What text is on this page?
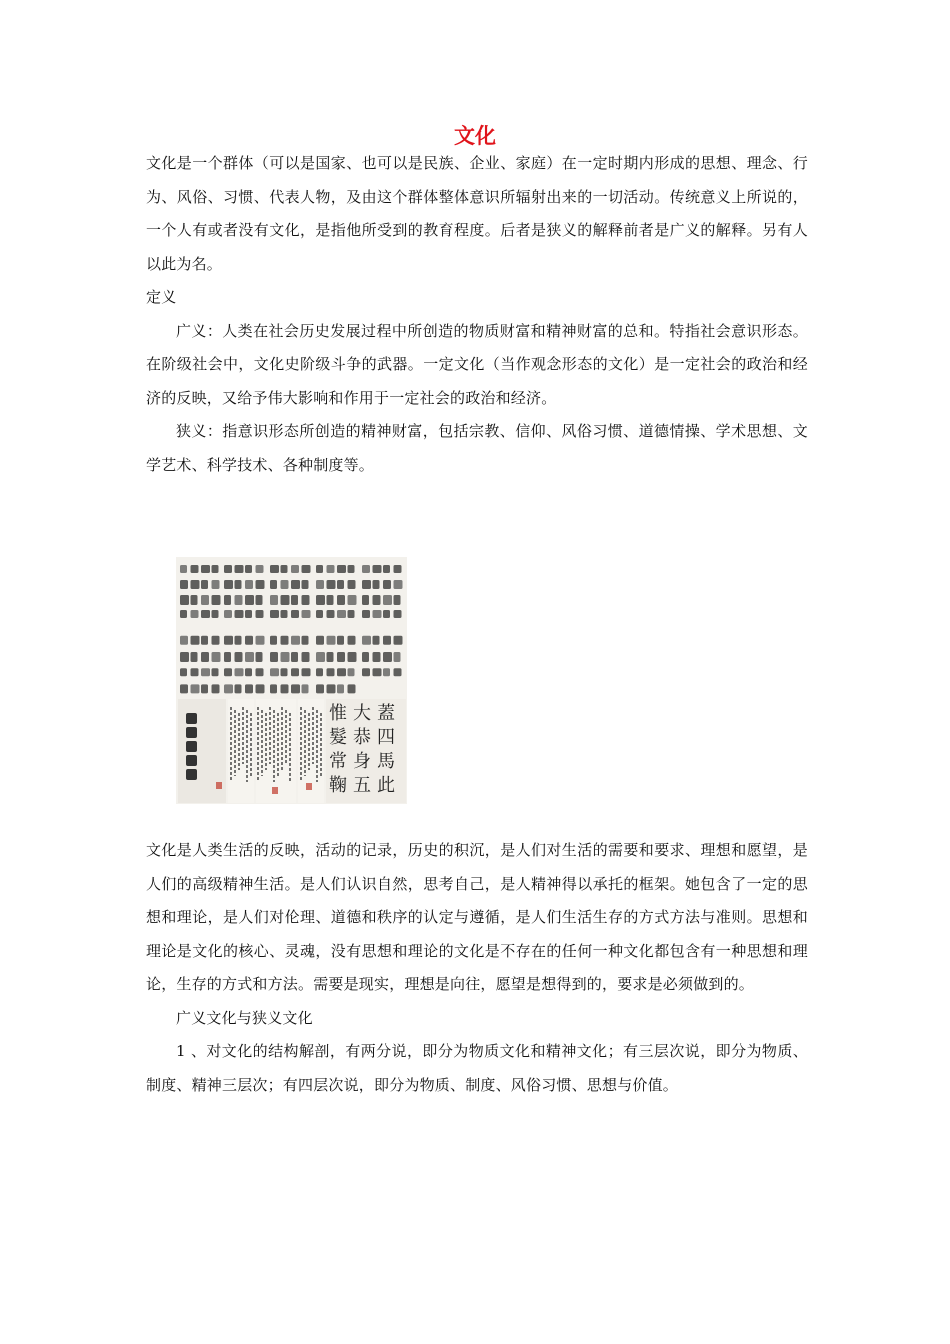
文化

文化是一个群体（可以是国家、也可以是民族、企业、家庭）在一定时期内形成的思想、理念、行为、风俗、习惯、代表人物，及由这个群体整体意识所辐射出来的一切活动。传统意义上所说的，一个人有或者没有文化，是指他所受到的教育程度。后者是狭义的解释前者是广义的解释。另有人以此为名。

定义

广义：人类在社会历史发展过程中所创造的物质财富和精神财富的总和。特指社会意识形态。在阶级社会中，文化史阶级斗争的武器。一定文化（当作观念形态的文化）是一定社会的政治和经济的反映，又给予伟大影响和作用于一定社会的政治和经济。

狭义：指意识形态所创造的精神财富，包括宗教、信仰、风俗习惯、道德情操、学术思想、文学艺术、科学技术、各种制度等。

蓋
四
馬
此
大
恭
身
五
惟
髮
常
鞠

文化是人类生活的反映，活动的记录，历史的积沉，是人们对生活的需要和要求、理想和愿望，是人们的高级精神生活。是人们认识自然，思考自己，是人精神得以承托的框架。她包含了一定的思想和理论，是人们对伦理、道德和秩序的认定与遵循，是人们生活生存的方式方法与准则。思想和理论是文化的核心、灵魂，没有思想和理论的文化是不存在的任何一种文化都包含有一种思想和理论，生存的方式和方法。需要是现实，理想是向往，愿望是想得到的，要求是必须做到的。

广义文化与狭义文化

1 、对文化的结构解剖，有两分说，即分为物质文化和精神文化；有三层次说，即分为物质、制度、精神三层次；有四层次说，即分为物质、制度、风俗习惯、思想与价值。
